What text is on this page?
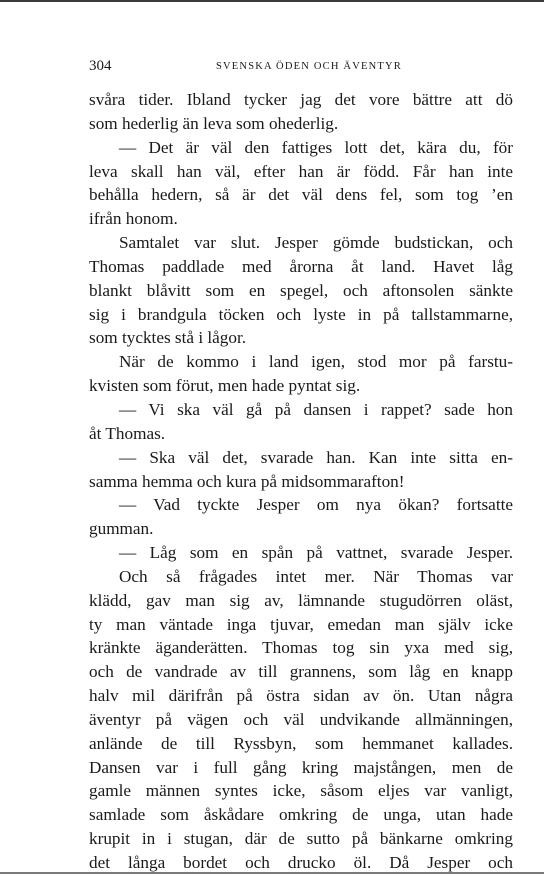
304	SVENSKA ÖDEN OCH ÄVENTYR
svåra tider. Ibland tycker jag det vore bättre att dö
som hederlig än leva som ohederlig.
— Det är väl den fattiges lott det, kära du, för
leva skall han väl, efter han är född. Får han inte
behålla hedern, så är det väl dens fel, som tog ’en
ifrån honom.
Samtalet var slut. Jesper gömde budstickan, och
Thomas paddlade med årorna åt land. Havet låg
blankt blåvitt som en spegel, och aftonsolen sänkte
sig i brandgula töcken och lyste in på tallstammarne,
som tycktes stå i lågor.
När de kommo i land igen, stod mor på farstu-
kvisten som förut, men hade pyntat sig.
— Vi ska väl gå på dansen i rappet? sade hon
åt Thomas.
— Ska väl det, svarade han. Kan inte sitta en-
samma hemma och kura på midsommarafton!
— Vad tyckte Jesper om nya ökan? fortsatte
gumman.
— Låg som en spån på vattnet, svarade Jesper.
Och så frågades intet mer. När Thomas var
klädd, gav man sig av, lämnande stugudörren oläst,
ty man väntade inga tjuvar, emedan man själv icke
kränkte äganderätten. Thomas tog sin yxa med sig,
och de vandrade av till grannens, som låg en knapp
halv mil därifrån på östra sidan av ön. Utan några
äventyr på vägen och väl undvikande allmänningen,
anlände de till Ryssbyn, som hemmanet kallades.
Dansen var i full gång kring majstången, men de
gamle männen syntes icke, såsom eljes var vanligt,
samlade som åskådare omkring de unga, utan hade
krupit in i stugan, där de sutto på bänkarne omkring
det långa bordet och drucko öl. Då Jesper och
